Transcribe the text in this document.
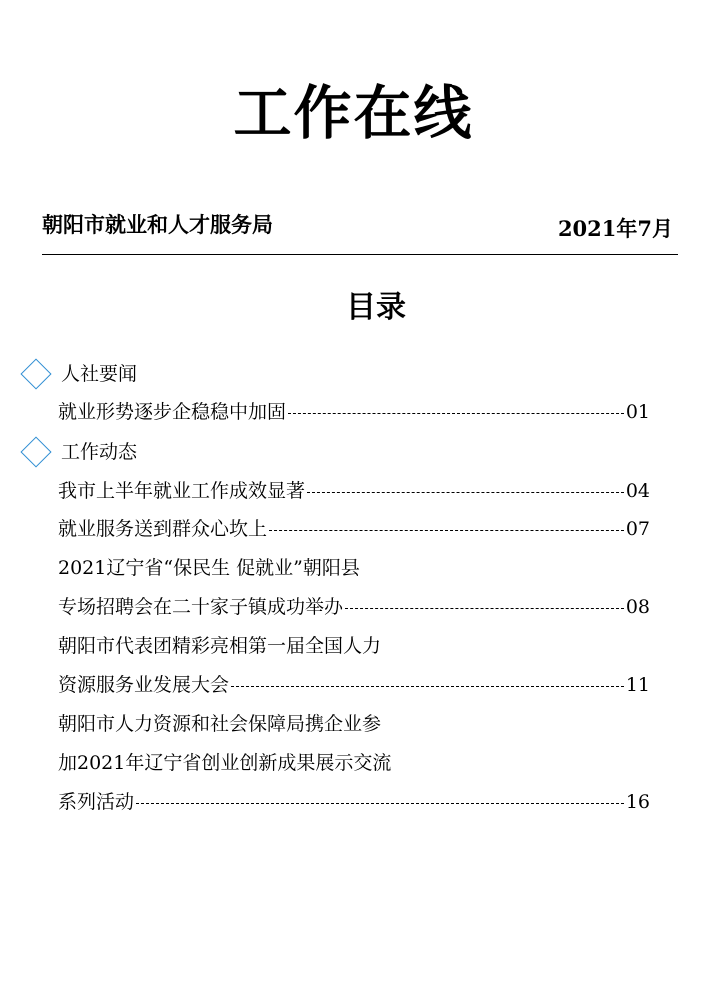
工作在线
朝阳市就业和人才服务局	2021年7月
目录
人社要闻
就业形势逐步企稳稳中加固	01
工作动态
我市上半年就业工作成效显著	04
就业服务送到群众心坎上	07
2021辽宁省“保民生 促就业”朝阳县
专场招聘会在二十家子镇成功举办	08
朝阳市代表团精彩亮相第一届全国人力
资源服务业发展大会	11
朝阳市人力资源和社会保障局携企业参
加2021年辽宁省创业创新成果展示交流
系列活动	16
